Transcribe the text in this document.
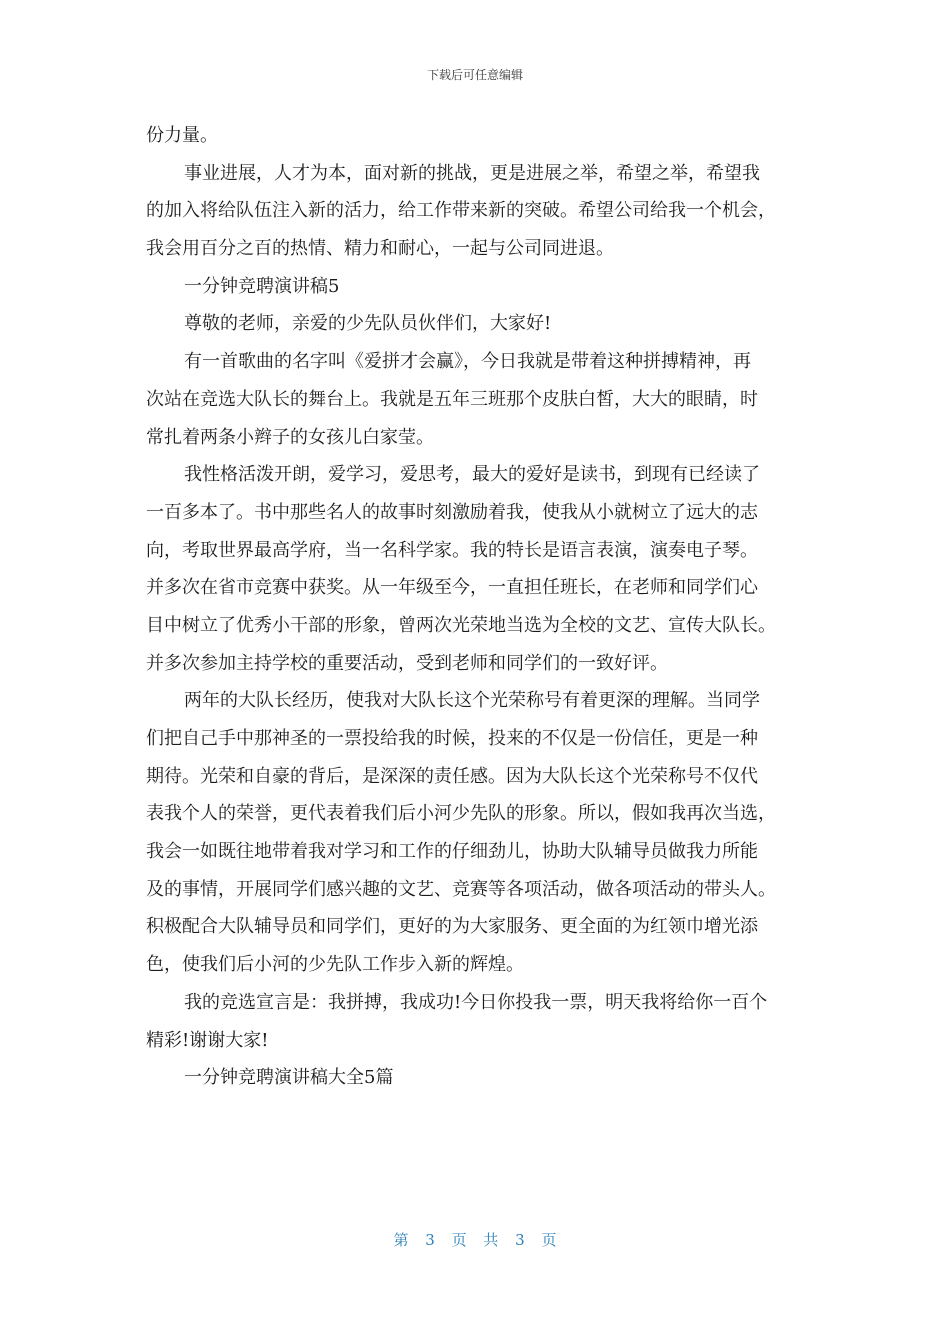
下载后可任意编辑

份力量。

事业进展，人才为本，面对新的挑战，更是进展之举，希望之举，希望我
的加入将给队伍注入新的活力，给工作带来新的突破。希望公司给我一个机会，
我会用百分之百的热情、精力和耐心，一起与公司同进退。

一分钟竞聘演讲稿5

尊敬的老师，亲爱的少先队员伙伴们，大家好!

有一首歌曲的名字叫《爱拼才会赢》，今日我就是带着这种拼搏精神，再
次站在竞选大队长的舞台上。我就是五年三班那个皮肤白皙，大大的眼睛，时
常扎着两条小辫子的女孩儿白家莹。

我性格活泼开朗，爱学习，爱思考，最大的爱好是读书，到现有已经读了
一百多本了。书中那些名人的故事时刻激励着我，使我从小就树立了远大的志
向，考取世界最高学府，当一名科学家。我的特长是语言表演，演奏电子琴。
并多次在省市竞赛中获奖。从一年级至今，一直担任班长，在老师和同学们心
目中树立了优秀小干部的形象，曾两次光荣地当选为全校的文艺、宣传大队长。
并多次参加主持学校的重要活动，受到老师和同学们的一致好评。

两年的大队长经历，使我对大队长这个光荣称号有着更深的理解。当同学
们把自己手中那神圣的一票投给我的时候，投来的不仅是一份信任，更是一种
期待。光荣和自豪的背后，是深深的责任感。因为大队长这个光荣称号不仅代
表我个人的荣誉，更代表着我们后小河少先队的形象。所以，假如我再次当选，
我会一如既往地带着我对学习和工作的仔细劲儿，协助大队辅导员做我力所能
及的事情，开展同学们感兴趣的文艺、竞赛等各项活动，做各项活动的带头人。
积极配合大队辅导员和同学们，更好的为大家服务、更全面的为红领巾增光添
色，使我们后小河的少先队工作步入新的辉煌。

我的竞选宣言是：我拼搏，我成功!今日你投我一票，明天我将给你一百个
精彩!谢谢大家!

一分钟竞聘演讲稿大全5篇

第 3 页 共 3 页
